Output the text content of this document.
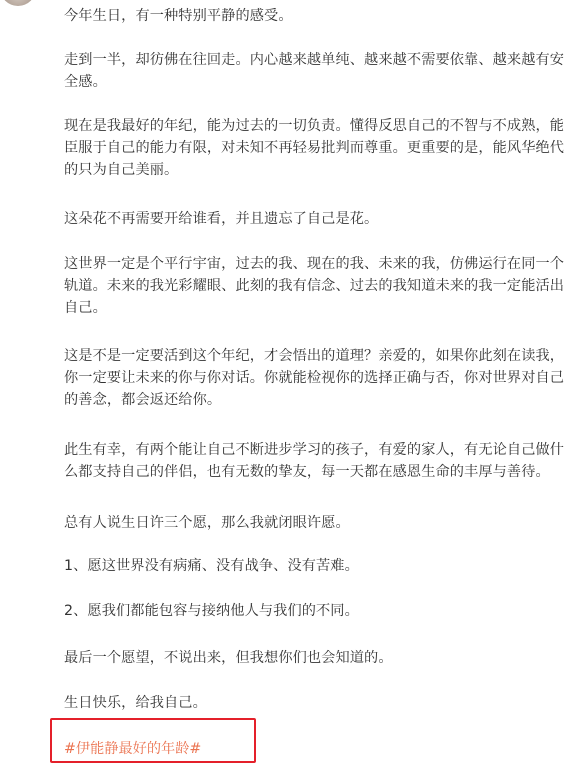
今年生日，有一种特别平静的感受。

走到一半，却彷佛在往回走。内心越来越单纯、越来越不需要依靠、越来越有安
全感。

现在是我最好的年纪，能为过去的一切负责。懂得反思自己的不智与不成熟，能
臣服于自己的能力有限，对未知不再轻易批判而尊重。更重要的是，能风华绝代
的只为自己美丽。

这朵花不再需要开给谁看，并且遗忘了自己是花。

这世界一定是个平行宇宙，过去的我、现在的我、未来的我，仿佛运行在同一个
轨道。未来的我光彩耀眼、此刻的我有信念、过去的我知道未来的我一定能活出
自己。

这是不是一定要活到这个年纪，才会悟出的道理？亲爱的，如果你此刻在读我，
你一定要让未来的你与你对话。你就能检视你的选择正确与否，你对世界对自己
的善念，都会返还给你。

此生有幸，有两个能让自己不断进步学习的孩子，有爱的家人，有无论自己做什
么都支持自己的伴侣，也有无数的挚友，每一天都在感恩生命的丰厚与善待。

总有人说生日许三个愿，那么我就闭眼许愿。

1、愿这世界没有病痛、没有战争、没有苦难。

2、愿我们都能包容与接纳他人与我们的不同。

最后一个愿望，不说出来，但我想你们也会知道的。

生日快乐，给我自己。

#伊能静最好的年龄#
